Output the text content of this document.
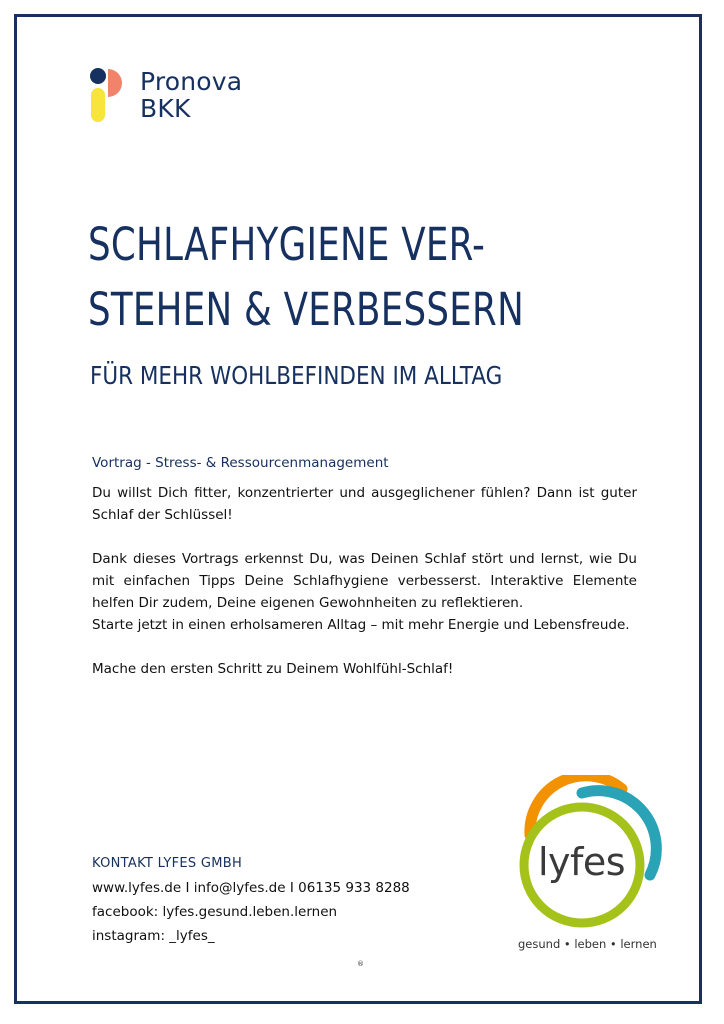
Pronova
BKK
SCHLAFHYGIENE VER-
STEHEN & VERBESSERN
FÜR MEHR WOHLBEFINDEN IM ALLTAG
Vortrag - Stress- & Ressourcenmanagement

Du willst Dich fitter, konzentrierter und ausgeglichener fühlen? Dann ist guter Schlaf der Schlüssel!

Dank dieses Vortrags erkennst Du, was Deinen Schlaf stört und lernst, wie Du mit einfachen Tipps Deine Schlafhygiene verbesserst. Interaktive Elemente helfen Dir zudem, Deine eigenen Gewohnheiten zu reflektieren.

Starte jetzt in einen erholsameren Alltag – mit mehr Energie und Lebensfreude.

Mache den ersten Schritt zu Deinem Wohlfühl-Schlaf!

KONTAKT LYFES GMBH
www.lyfes.de I info@lyfes.de I 06135 933 8288
facebook: lyfes.gesund.leben.lernen
instagram: _lyfes_
lyfes
gesund • leben • lernen
®
